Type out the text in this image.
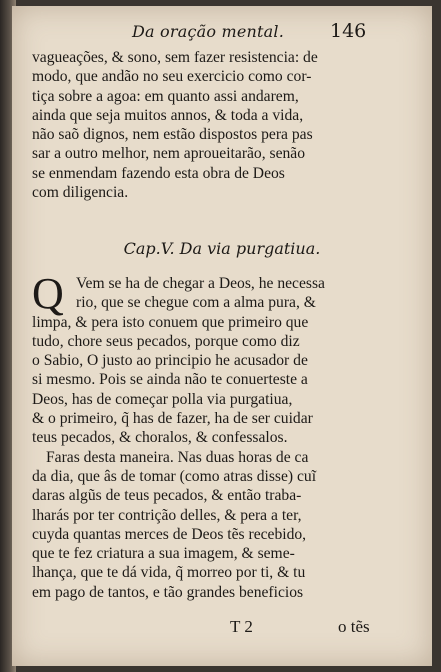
Da oração mental. 146
vagueações, & sono, sem fazer resistencia: de
modo, que andão no seu exercicio como cor-
tiça sobre a agoa: em quanto assi andarem,
ainda que seja muitos annos, & toda a vida,
não saõ dignos, nem estão dispostos pera pas
sar a outro melhor, nem aproueitarão, senão
se enmendam fazendo esta obra de Deos
com diligencia.
Cap.V. Da via purgatiua.
Q Vem se ha de chegar a Deos, he necessa
rio, que se chegue com a alma pura, &
limpa, & pera isto conuem que primeiro que
tudo, chore seus pecados, porque como diz
o Sabio, O justo ao principio he acusador de
si mesmo. Pois se ainda não te conuerteste a
Deos, has de começar polla via purgatiua,
& o primeiro, q̃ has de fazer, ha de ser cuidar
teus pecados, & choralos, & confessalos.
Faras desta maneira. Nas duas horas de ca
da dia, que âs de tomar (como atras disse) cuĩ
daras algũs de teus pecados, & então traba-
lharás por ter contrição delles, & pera a ter,
cuyda quantas merces de Deos tẽs recebido,
que te fez criatura a sua imagem, & seme-
lhança, que te dá vida, q̃ morreo por ti, & tu
em pago de tantos, e tão grandes beneficios
T 2	o tẽs
